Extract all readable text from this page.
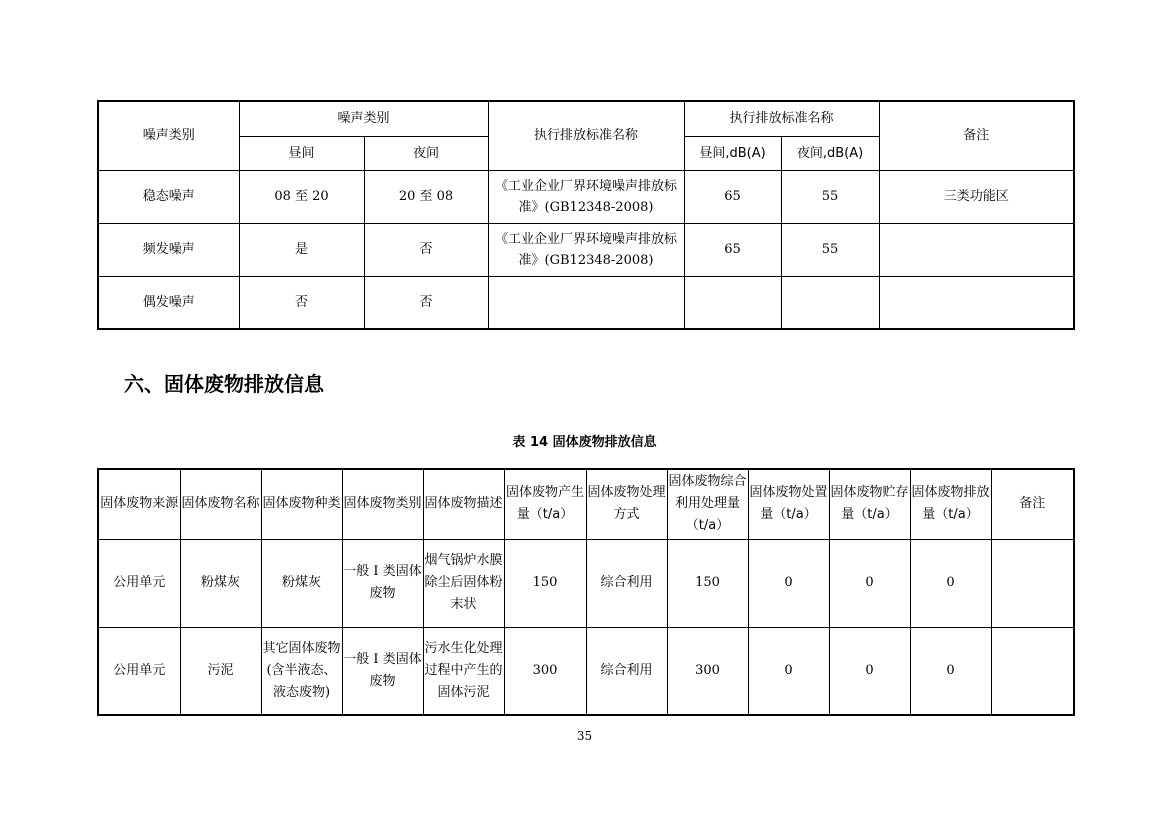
噪声类别	噪声类别		执行排放标准名称	执行排放标准名称		备注
	昼间	夜间		昼间,dB(A)	夜间,dB(A)	
稳态噪声	08 至 20	20 至 08	《工业企业厂界环境噪声排放标准》(GB12348-2008)	65	55	三类功能区
频发噪声	是	否	《工业企业厂界环境噪声排放标准》(GB12348-2008)	65	55	
偶发噪声	否	否				
六、固体废物排放信息
表 14 固体废物排放信息
固体废物来源	固体废物名称	固体废物种类	固体废物类别	固体废物描述	固体废物产生量（t/a）	固体废物处理方式	固体废物综合利用处理量（t/a）	固体废物处置量（t/a）	固体废物贮存量（t/a）	固体废物排放量（t/a）	备注
公用单元	粉煤灰	粉煤灰	一般 I 类固体废物	烟气锅炉水膜除尘后固体粉末状	150	综合利用	150	0	0	0	
公用单元	污泥	其它固体废物(含半液态、液态废物)	一般 I 类固体废物	污水生化处理过程中产生的固体污泥	300	综合利用	300	0	0	0	
35
